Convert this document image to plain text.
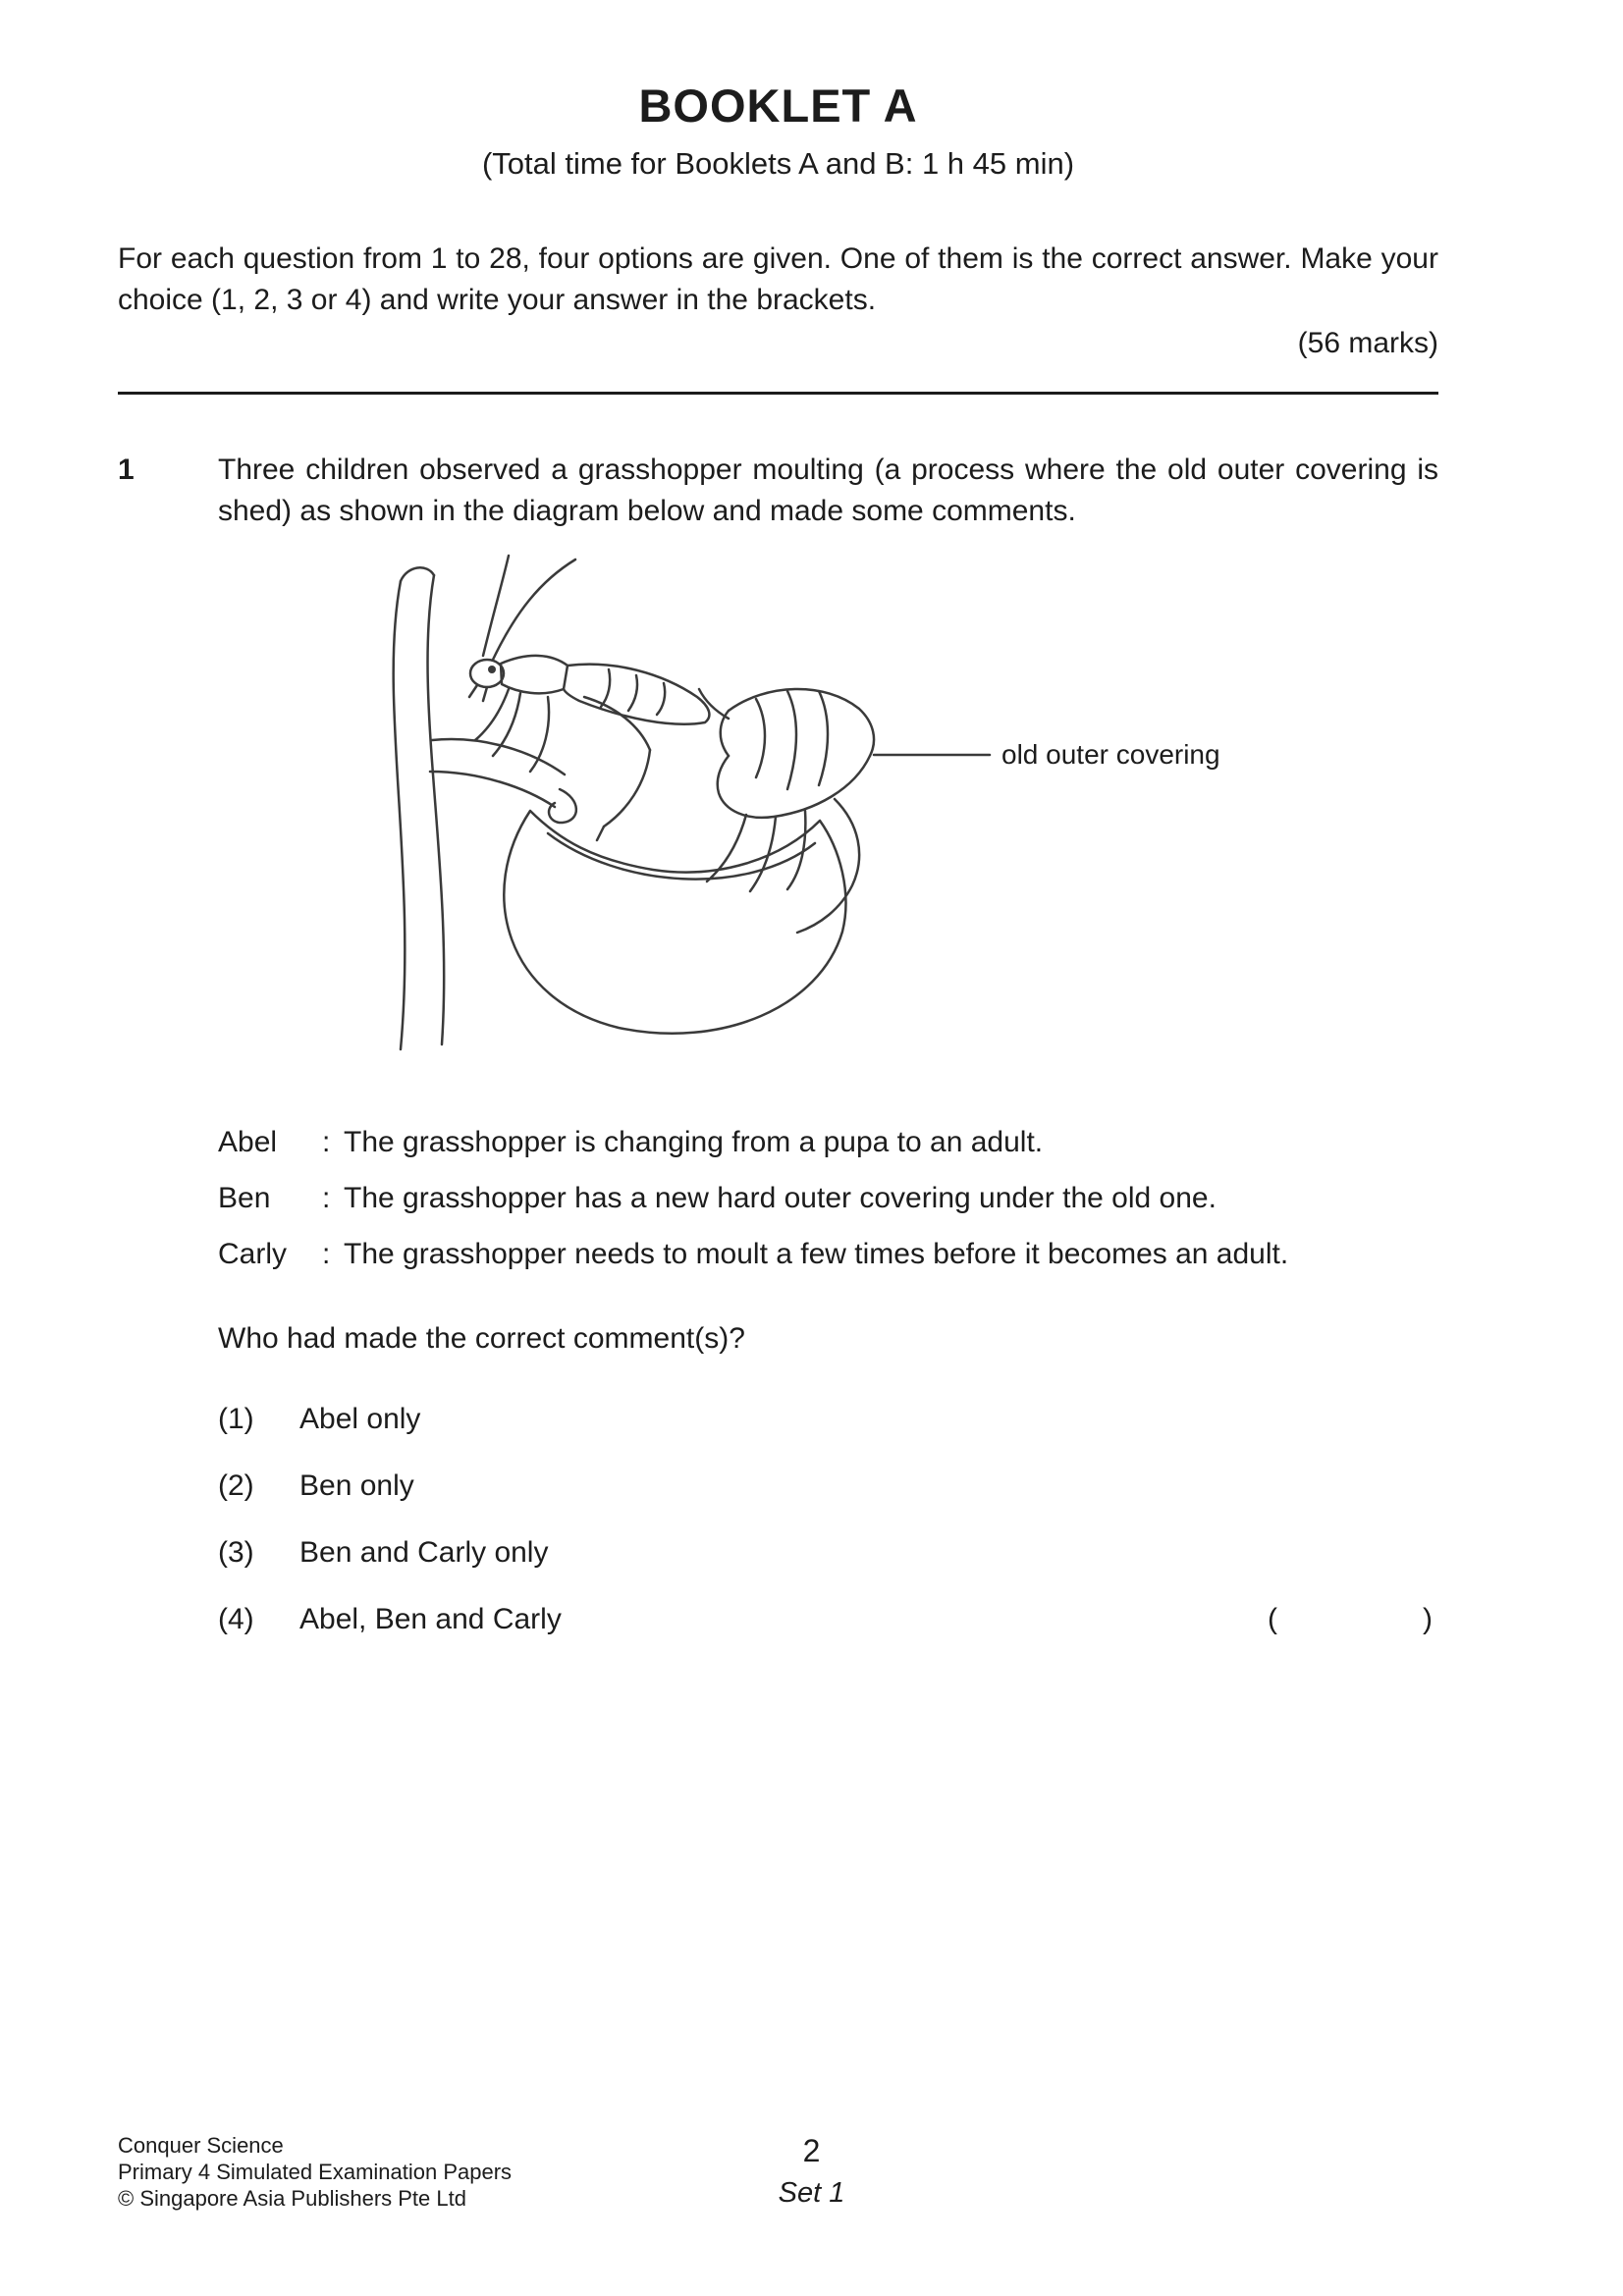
BOOKLET A
(Total time for Booklets A and B: 1 h 45 min)
For each question from 1 to 28, four options are given. One of them is the correct answer. Make your choice (1, 2, 3 or 4) and write your answer in the brackets.
(56 marks)
1	Three children observed a grasshopper moulting (a process where the old outer covering is shed) as shown in the diagram below and made some comments.
old outer covering
Abel	: The grasshopper is changing from a pupa to an adult.
Ben	: The grasshopper has a new hard outer covering under the old one.
Carly	: The grasshopper needs to moult a few times before it becomes an adult.
Who had made the correct comment(s)?
(1)	Abel only
(2)	Ben only
(3)	Ben and Carly only
(4)	Abel, Ben and Carly	(	)
Conquer Science
Primary 4 Simulated Examination Papers
© Singapore Asia Publishers Pte Ltd
2
Set 1
